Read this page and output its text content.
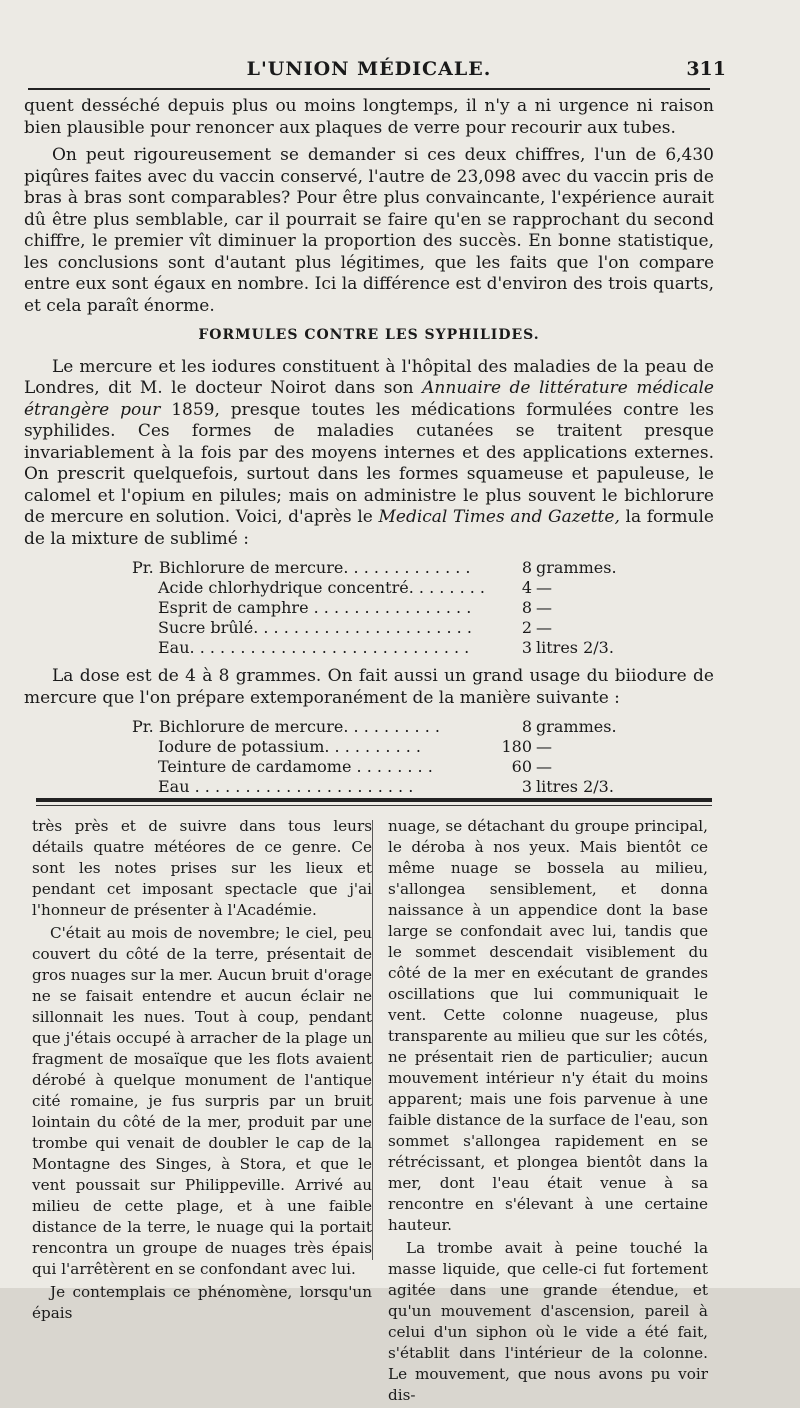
L'UNION MÉDICALE.	311

quent desséché depuis plus ou moins longtemps, il n'y a ni urgence ni raison bien plausible pour renoncer aux plaques de verre pour recourir aux tubes.

On peut rigoureusement se demander si ces deux chiffres, l'un de 6,430 piqûres faites avec du vaccin conservé, l'autre de 23,098 avec du vaccin pris de bras à bras sont comparables? Pour être plus convaincante, l'expérience aurait dû être plus semblable, car il pourrait se faire qu'en se rapprochant du second chiffre, le premier vît diminuer la proportion des succès. En bonne statistique, les conclusions sont d'autant plus légitimes, que les faits que l'on compare entre eux sont égaux en nombre. Ici la différence est d'environ des trois quarts, et cela paraît énorme.

FORMULES CONTRE LES SYPHILIDES.

Le mercure et les iodures constituent à l'hôpital des maladies de la peau de Londres, dit M. le docteur Noirot dans son Annuaire de littérature médicale étrangère pour 1859, presque toutes les médications formulées contre les syphilides. Ces formes de maladies cutanées se traitent presque invariablement à la fois par des moyens internes et des applications externes. On prescrit quelquefois, surtout dans les formes squameuse et papuleuse, le calomel et l'opium en pilules; mais on administre le plus souvent le bichlorure de mercure en solution. Voici, d'après le Medical Times and Gazette, la formule de la mixture de sublimé :

Pr. Bichlorure de mercure. . . . . . . . . . . . .	8 grammes.
Acide chlorhydrique concentré. . . . . . . .	4 —
Esprit de camphre . . . . . . . . . . . . . . . .	8 —
Sucre brûlé. . . . . . . . . . . . . . . . . . . . . .	2 —
Eau. . . . . . . . . . . . . . . . . . . . . . . . . . . .	3 litres 2/3.

La dose est de 4 à 8 grammes. On fait aussi un grand usage du biiodure de mercure que l'on prépare extemporanément de la manière suivante :

Pr. Bichlorure de mercure. . . . . . . . . .	8 grammes.
Iodure de potassium. . . . . . . . . .	180 —
Teinture de cardamome . . . . . . . .	60 —
Eau . . . . . . . . . . . . . . . . . . . . . .	3 litres 2/3.

très près et de suivre dans tous leurs détails quatre météores de ce genre. Ce sont les notes prises sur les lieux et pendant cet imposant spectacle que j'ai l'honneur de présenter à l'Académie.

C'était au mois de novembre; le ciel, peu couvert du côté de la terre, présentait de gros nuages sur la mer. Aucun bruit d'orage ne se faisait entendre et aucun éclair ne sillonnait les nues. Tout à coup, pendant que j'étais occupé à arracher de la plage un fragment de mosaïque que les flots avaient dérobé à quelque monument de l'antique cité romaine, je fus surpris par un bruit lointain du côté de la mer, produit par une trombe qui venait de doubler le cap de la Montagne des Singes, à Stora, et que le vent poussait sur Philippeville. Arrivé au milieu de cette plage, et à une faible distance de la terre, le nuage qui la portait rencontra un groupe de nuages très épais qui l'arrêtèrent en se confondant avec lui.

Je contemplais ce phénomène, lorsqu'un épais

nuage, se détachant du groupe principal, le déroba à nos yeux. Mais bientôt ce même nuage se bossela au milieu, s'allongea sensiblement, et donna naissance à un appendice dont la base large se confondait avec lui, tandis que le sommet descendait visiblement du côté de la mer en exécutant de grandes oscillations que lui communiquait le vent. Cette colonne nuageuse, plus transparente au milieu que sur les côtés, ne présentait rien de particulier; aucun mouvement intérieur n'y était du moins apparent; mais une fois parvenue à une faible distance de la surface de l'eau, son sommet s'allongea rapidement en se rétrécissant, et plongea bientôt dans la mer, dont l'eau était venue à sa rencontre en s'élevant à une certaine hauteur.

La trombe avait à peine touché la masse liquide, que celle-ci fut fortement agitée dans une grande étendue, et qu'un mouvement d'ascension, pareil à celui d'un siphon où le vide a été fait, s'établit dans l'intérieur de la colonne. Le mouvement, que nous avons pu voir dis-
